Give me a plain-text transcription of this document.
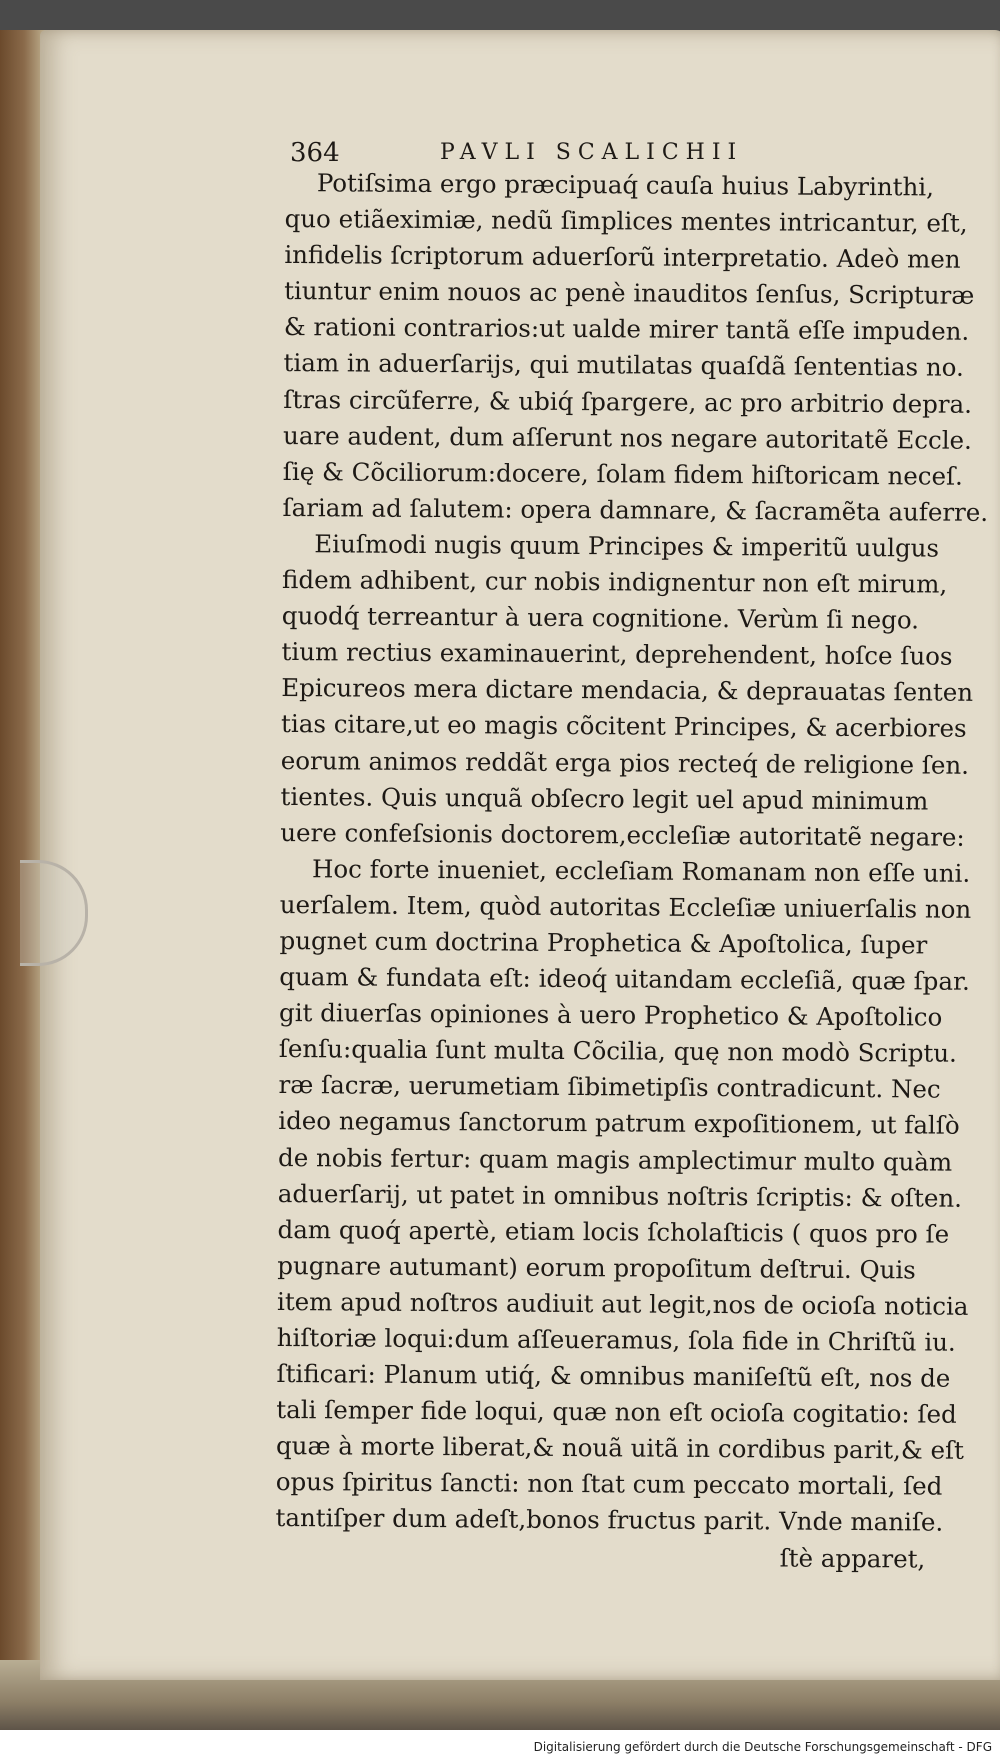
364	PAVLI SCALICHII
Potiſsima ergo præcipuaq́ cauſa huius Labyrinthi,
quo etiãeximiæ, nedũ ſimplices mentes intricantur, eſt,
infidelis ſcriptorum aduerſorũ interpretatio. Adeò men
tiuntur enim nouos ac penè inauditos ſenſus, Scripturæ
& rationi contrarios:ut ualde mirer tantã eſſe impuden.
tiam in aduerſarijs, qui mutilatas quaſdã ſententias no.
ſtras circũferre, & ubiq́ ſpargere, ac pro arbitrio depra.
uare audent, dum aſſerunt nos negare autoritatẽ Eccle.
ſię & Cõciliorum:docere, ſolam fidem hiſtoricam neceſ.
ſariam ad ſalutem: opera damnare, & ſacramẽta auferre.
Eiuſmodi nugis quum Principes & imperitũ uulgus
fidem adhibent, cur nobis indignentur non eſt mirum,
quodq́ terreantur à uera cognitione. Verùm ſi nego.
tium rectius examinauerint, deprehendent, hoſce ſuos
Epicureos mera dictare mendacia, & deprauatas ſenten
tias citare,ut eo magis cõcitent Principes, & acerbiores
eorum animos reddãt erga pios recteq́ de religione ſen.
tientes. Quis unquã obſecro legit uel apud minimum
uere confeſsionis doctorem,eccleſiæ autoritatẽ negare:
Hoc forte inueniet, eccleſiam Romanam non eſſe uni.
uerſalem. Item, quòd autoritas Eccleſiæ uniuerſalis non
pugnet cum doctrina Prophetica & Apoſtolica, ſuper
quam & fundata eſt: ideoq́ uitandam eccleſiã, quæ ſpar.
git diuerſas opiniones à uero Prophetico & Apoſtolico
ſenſu:qualia ſunt multa Cõcilia, quę non modò Scriptu.
ræ ſacræ, uerumetiam ſibimetipſis contradicunt. Nec
ideo negamus ſanctorum patrum expoſitionem, ut falſò
de nobis fertur: quam magis amplectimur multo quàm
aduerſarij, ut patet in omnibus noſtris ſcriptis: & oſten.
dam quoq́ apertè, etiam locis ſcholaſticis ( quos pro ſe
pugnare autumant) eorum propoſitum deſtrui. Quis
item apud noſtros audiuit aut legit,nos de ocioſa noticia
hiſtoriæ loqui:dum aſſeueramus, ſola fide in Chriſtũ iu.
ſtificari: Planum utiq́, & omnibus maniſeſtũ eſt, nos de
tali ſemper fide loqui, quæ non eſt ocioſa cogitatio: ſed
quæ à morte liberat,& nouã uitã in cordibus parit,& eſt
opus ſpiritus ſancti: non ſtat cum peccato mortali, ſed
tantiſper dum adeſt,bonos fructus parit. Vnde maniſe.
ſtè apparet,
Digitalisierung gefördert durch die Deutsche Forschungsgemeinschaft - DFG
